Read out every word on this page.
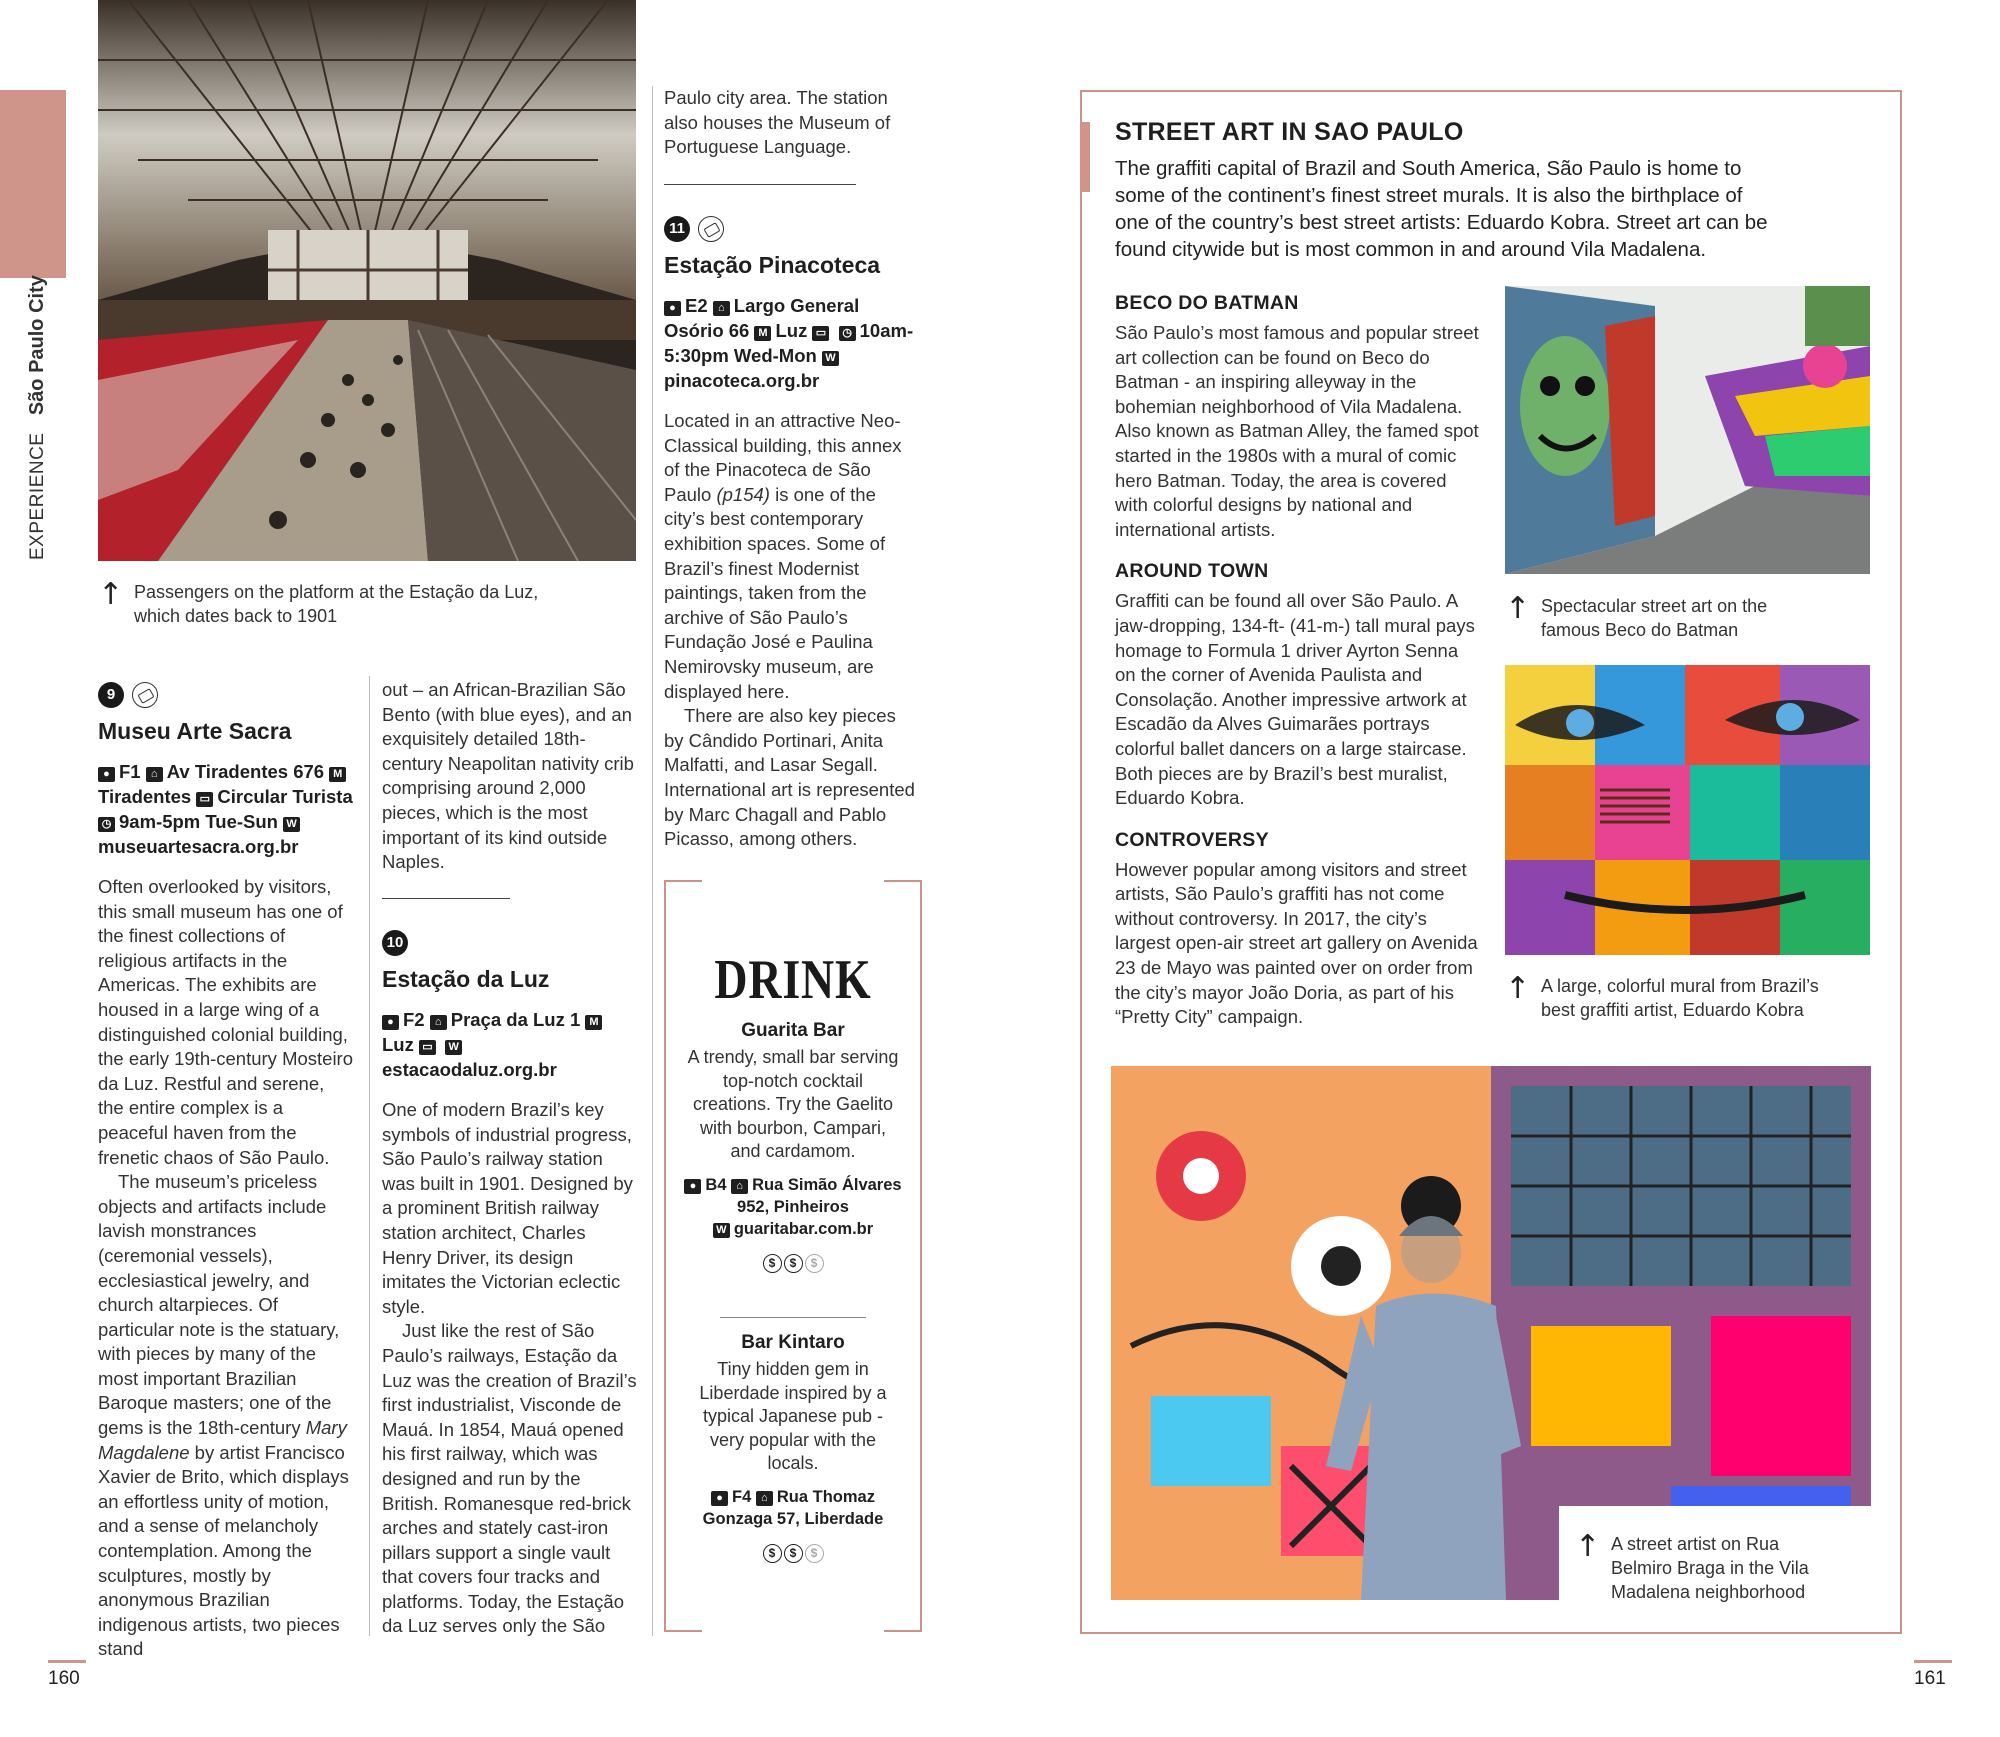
EXPERIENCE   São Paulo City
↑ Passengers on the platform at the Estação da Luz,
which dates back to 1901
9
Museu Arte Sacra
● F1 ⌂ Av Tiradentes 676 MTiradentes ▭ Circular Turista ◷ 9am-5pm Tue-Sun Wmuseuartesacra.org.br

Often overlooked by visitors, this small museum has one of the finest collections of religious artifacts in the Americas. The exhibits are housed in a large wing of a distinguished colonial building, the early 19th-century Mosteiro da Luz. Restful and serene, the entire complex is a peaceful haven from the frenetic chaos of São Paulo.

The museum’s priceless objects and artifacts include lavish monstrances (ceremonial vessels), ecclesiastical jewelry, and church altarpieces. Of particular note is the statuary, with pieces by many of the most important Brazilian Baroque masters; one of the gems is the 18th-century Mary Magdalene by artist Francisco Xavier de Brito, which displays an effortless unity of motion, and a sense of melancholy contemplation. Among the sculptures, mostly by anonymous Brazilian indigenous artists, two pieces stand

out – an African-Brazilian São Bento (with blue eyes), and an exquisitely detailed 18th-century Neapolitan nativity crib comprising around 2,000 pieces, which is the most important of its kind outside Naples.

10
Estação da Luz
● F2 ⌂ Praça da Luz 1 MLuz ▭ Westacaodaluz.org.br

One of modern Brazil’s key symbols of industrial progress, São Paulo’s railway station was built in 1901. Designed by a prominent British railway station architect, Charles Henry Driver, its design imitates the Victorian eclectic style.

Just like the rest of São Paulo’s railways, Estação da Luz was the creation of Brazil’s first industrialist, Visconde de Mauá. In 1854, Mauá opened his first railway, which was designed and run by the British. Romanesque red-brick arches and stately cast-iron pillars support a single vault that covers four tracks and platforms. Today, the Estação da Luz serves only the São

Paulo city area. The station also houses the Museum of Portuguese Language.

11
Estação Pinacoteca
● E2 ⌂ Largo General Osório 66 M Luz ▭ ◷ 10am-5:30pm Wed-Mon Wpinacoteca.org.br

Located in an attractive Neo-Classical building, this annex of the Pinacoteca de São Paulo (p154) is one of the city’s best contemporary exhibition spaces. Some of Brazil’s finest Modernist paintings, taken from the archive of São Paulo’s Fundação José e Paulina Nemirovsky museum, are displayed here.

There are also key pieces by Cândido Portinari, Anita Malfatti, and Lasar Segall. International art is represented by Marc Chagall and Pablo Picasso, among others.

DRINK
Guarita Bar
A trendy, small bar serving top-notch cocktail creations. Try the Gaelito with bourbon, Campari, and cardamom.
● B4 ⌂ Rua Simão Álvares 952, Pinheiros
W guaritabar.com.br
$ $ $
Bar Kintaro
Tiny hidden gem in Liberdade inspired by a typical Japanese pub - very popular with the locals.
● F4 ⌂ Rua Thomaz Gonzaga 57, Liberdade
$ $ $
160
STREET ART IN SAO PAULO
The graffiti capital of Brazil and South America, São Paulo is home to some of the continent’s finest street murals. It is also the birthplace of one of the country’s best street artists: Eduardo Kobra. Street art can be found citywide but is most common in and around Vila Madalena.
BECO DO BATMAN
São Paulo’s most famous and popular street art collection can be found on Beco do Batman - an inspiring alleyway in the bohemian neighborhood of Vila Madalena. Also known as Batman Alley, the famed spot started in the 1980s with a mural of comic hero Batman. Today, the area is covered with colorful designs by national and international artists.
AROUND TOWN
Graffiti can be found all over São Paulo. A jaw-dropping, 134-ft- (41-m-) tall mural pays homage to Formula 1 driver Ayrton Senna on the corner of Avenida Paulista and Consolação. Another impressive artwork at Escadão da Alves Guimarães portrays colorful ballet dancers on a large staircase. Both pieces are by Brazil’s best muralist, Eduardo Kobra.
CONTROVERSY
However popular among visitors and street artists, São Paulo’s graffiti has not come without controversy. In 2017, the city’s largest open-air street art gallery on Avenida 23 de Mayo was painted over on order from the city’s mayor João Doria, as part of his “Pretty City” campaign.
↑ Spectacular street art on the
famous Beco do Batman
↑ A large, colorful mural from Brazil’s
best graffiti artist, Eduardo Kobra
↑ A street artist on Rua
Belmiro Braga in the Vila
Madalena neighborhood
161
